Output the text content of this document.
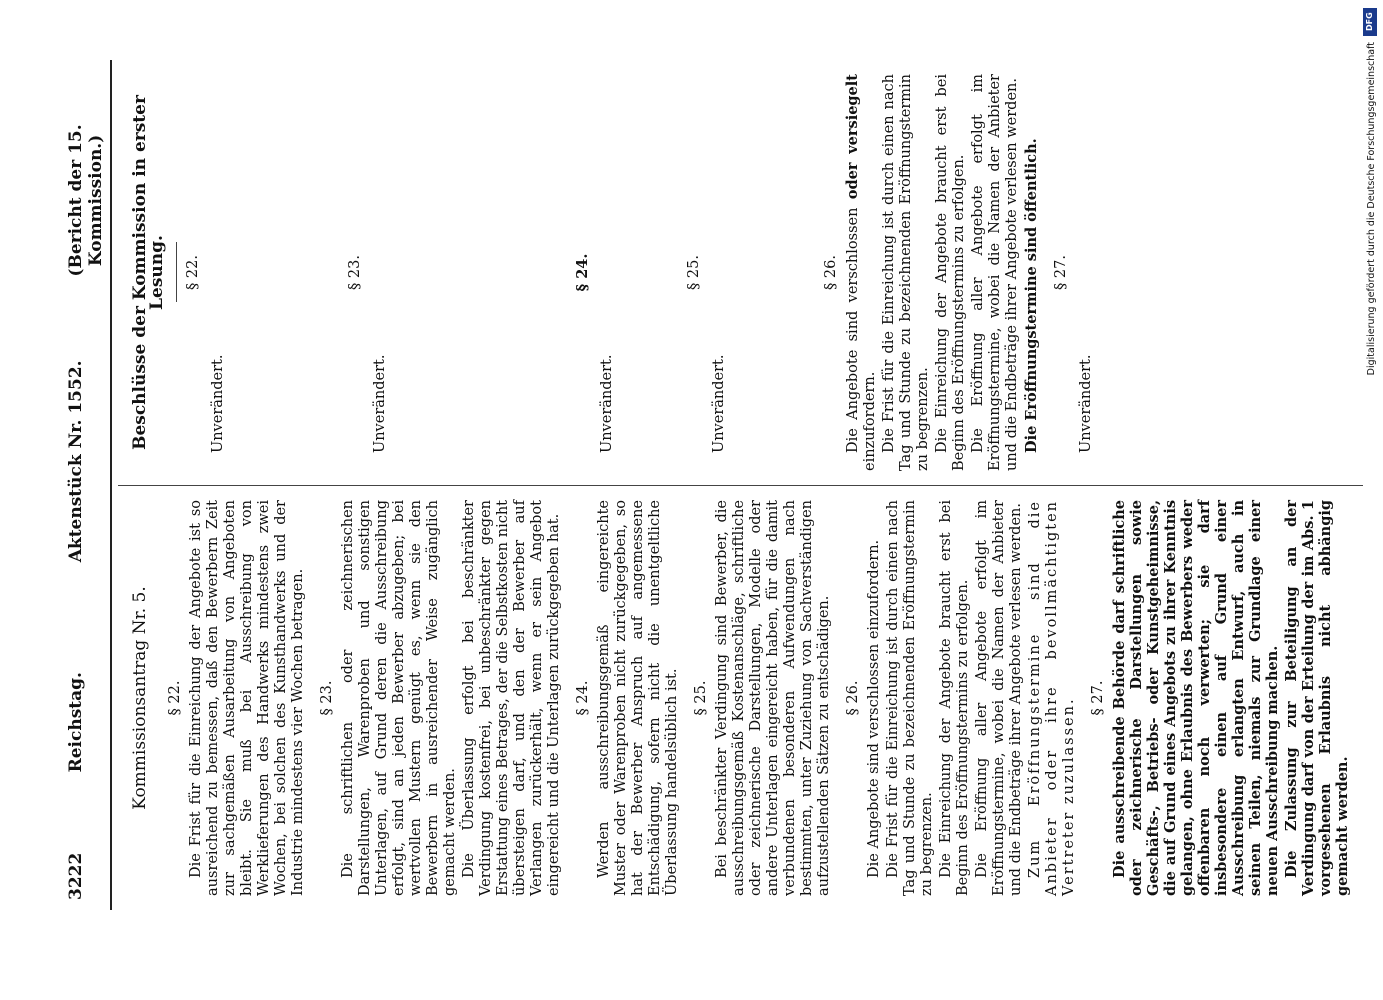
3222
Reichstag.
Aktenstück Nr. 1552.
(Bericht der 15. Kommission.)
Kommissionsantrag Nr. 5.	§ 22. Die Frist für die Einreichung der Angebote ist so ausreichend zu bemessen, daß den Bewerbern Zeit zur sachgemäßen Ausarbeitung von Angeboten bleibt. Sie muß bei Ausschreibung von Werklieferungen des Handwerks mindestens zwei Wochen, bei solchen des Kunsthandwerks und der Industrie mindestens vier Wochen betragen. § 23. Die schriftlichen oder zeichnerischen Darstellungen, Warenproben und sonstigen Unterlagen, auf Grund deren die Ausschreibung erfolgt, sind an jeden Bewerber abzugeben; bei wertvollen Mustern genügt es, wenn sie den Bewerbern in ausreichender Weise zugänglich gemacht werden. Die Überlassung erfolgt bei beschränkter Verdingung kostenfrei, bei unbeschränkter gegen Erstattung eines Betrages, der die Selbstkosten nicht übersteigen darf, und den der Bewerber auf Verlangen zurückerhält, wenn er sein Angebot eingereicht und die Unterlagen zurückgegeben hat. § 24. Werden ausschreibungsgemäß eingereichte Muster oder Warenproben nicht zurückgegeben, so hat der Bewerber Anspruch auf angemessene Entschädigung, sofern nicht die unentgeltliche Überlassung handelsüblich ist. § 25. Bei beschränkter Verdingung sind Bewerber, die ausschreibungsgemäß Kostenanschläge, schriftliche oder zeichnerische Darstellungen, Modelle oder andere Unterlagen eingereicht haben, für die damit verbundenen besonderen Aufwendungen nach bestimmten, unter Zuziehung von Sachverständigen aufzustellenden Sätzen zu entschädigen. § 26. Die Angebote sind verschlossen einzufordern. Die Frist für die Einreichung ist durch einen nach Tag und Stunde zu bezeichnenden Eröffnungstermin zu begrenzen. Die Einreichung der Angebote braucht erst bei Beginn des Eröffnungstermins zu erfolgen. Die Eröffnung aller Angebote erfolgt im Eröffnungstermine, wobei die Namen der Anbieter und die Endbeträge ihrer Angebote verlesen werden. Zum Eröffnungstermine sind die Anbieter oder ihre bevollmächtigten Vertreter zuzulassen. § 27. Die ausschreibende Behörde darf schriftliche oder zeichnerische Darstellungen sowie Geschäfts-, Betriebs- oder Kunstgeheimnisse, die auf Grund eines Angebots zu ihrer Kenntnis gelangen, ohne Erlaubnis des Bewerbers weder offenbaren noch verwerten; sie darf insbesondere einen auf Grund einer Ausschreibung erlangten Entwurf, auch in seinen Teilen, niemals zur Grundlage einer neuen Ausschreibung machen. Die Zulassung zur Beteiligung an der Verdingung darf von der Erteilung der im Abs. 1 vorgesehenen Erlaubnis nicht abhängig gemacht werden.

Beschlüsse der Kommission in erster Lesung.	§ 22.
Unverändert.
§ 23.
Unverändert.
§ 24.
Unverändert.
§ 25.
Unverändert.
§ 26. Die Angebote sind verschlossen oder versiegelt einzufordern. Die Frist für die Einreichung ist durch einen nach Tag und Stunde zu bezeichnenden Eröffnungstermin zu begrenzen. Die Einreichung der Angebote braucht erst bei Beginn des Eröffnungstermins zu erfolgen. Die Eröffnung aller Angebote erfolgt im Eröffnungstermine, wobei die Namen der Anbieter und die Endbeträge ihrer Angebote verlesen werden. Die Eröffnungstermine sind öffentlich.

§ 27.
Unverändert.
DFG
Digitalisierung gefördert durch die Deutsche Forschungsgemeinschaft
